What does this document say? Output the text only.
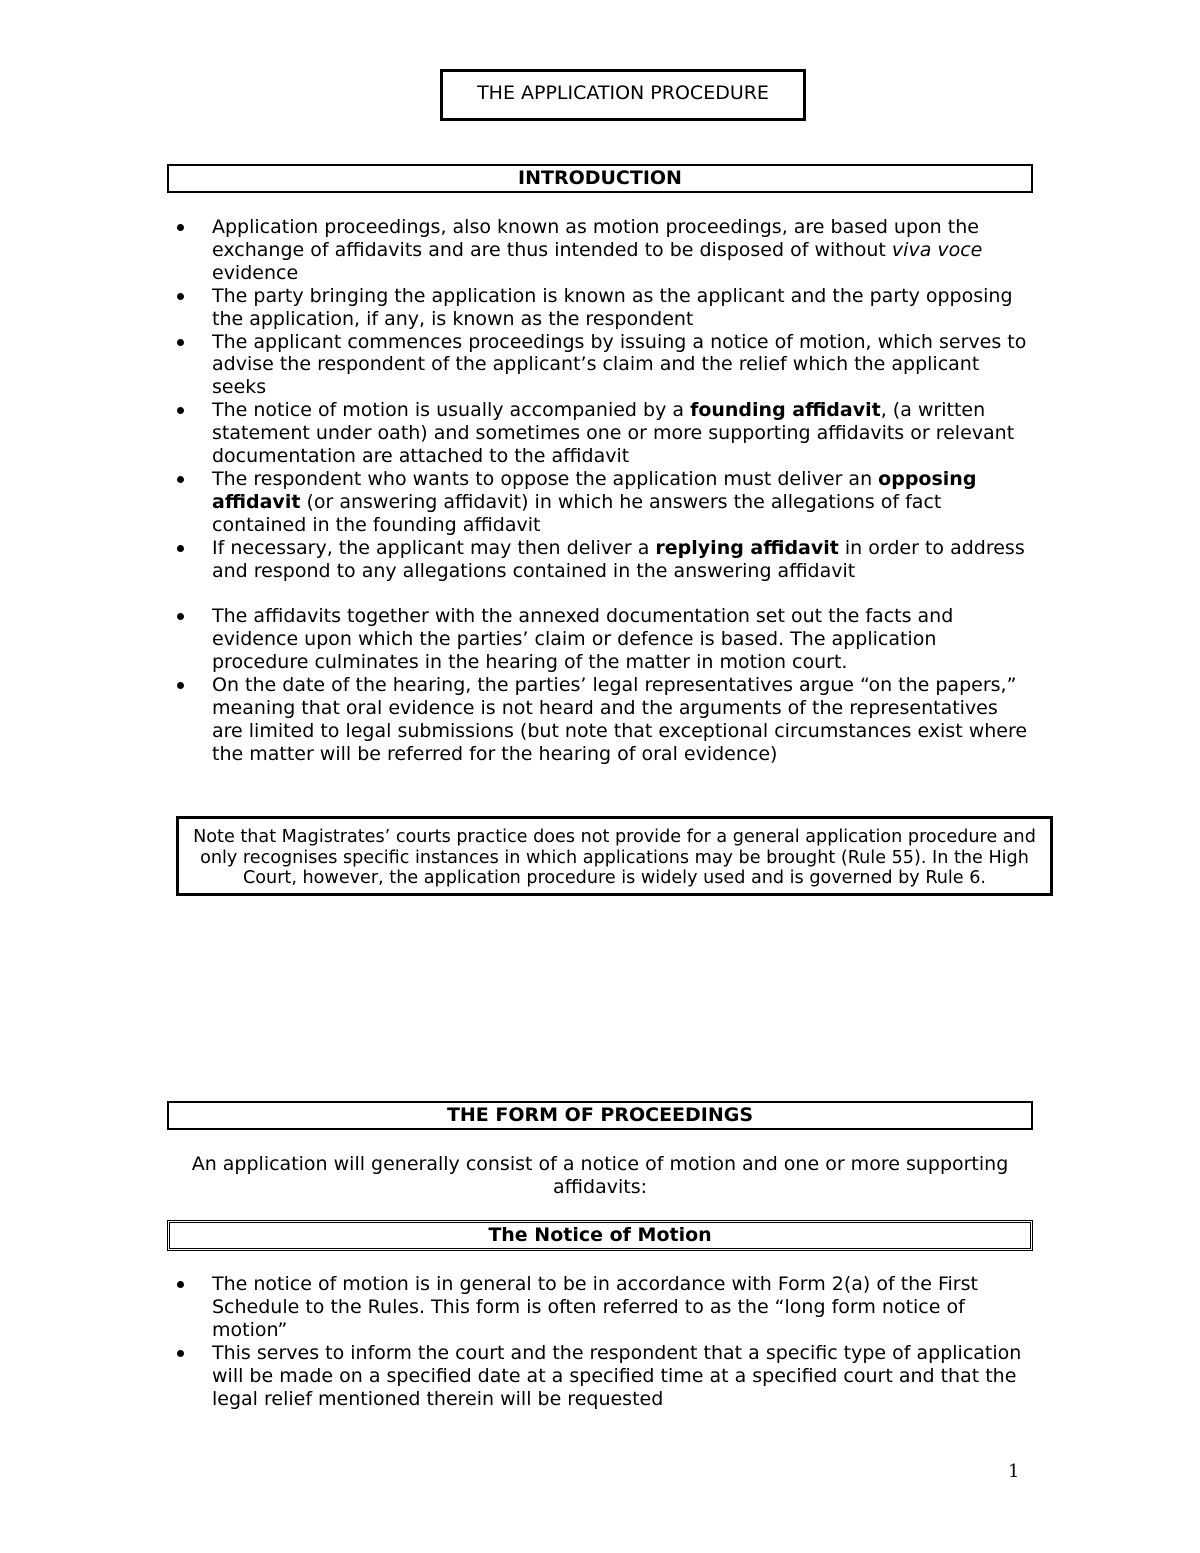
THE APPLICATION PROCEDURE
INTRODUCTION
Application proceedings, also known as motion proceedings, are based upon the exchange of affidavits and are thus intended to be disposed of without viva voce evidence
The party bringing the application is known as the applicant and the party opposing the application, if any, is known as the respondent
The applicant commences proceedings by issuing a notice of motion, which serves to advise the respondent of the applicant’s claim and the relief which the applicant seeks
The notice of motion is usually accompanied by a founding affidavit, (a written statement under oath) and sometimes one or more supporting affidavits or relevant documentation are attached to the affidavit
The respondent who wants to oppose the application must deliver an opposing affidavit (or answering affidavit) in which he answers the allegations of fact contained in the founding affidavit
If necessary, the applicant may then deliver a replying affidavit in order to address and respond to any allegations contained in the answering affidavit
The affidavits together with the annexed documentation set out the facts and evidence upon which the parties’ claim or defence is based. The application procedure culminates in the hearing of the matter in motion court.
On the date of the hearing, the parties’ legal representatives argue “on the papers,” meaning that oral evidence is not heard and the arguments of the representatives are limited to legal submissions (but note that exceptional circumstances exist where the matter will be referred for the hearing of oral evidence)
Note that Magistrates’ courts practice does not provide for a general application procedure and only recognises specific instances in which applications may be brought (Rule 55). In the High Court, however, the application procedure is widely used and is governed by Rule 6.
THE FORM OF PROCEEDINGS

An application will generally consist of a notice of motion and one or more supporting affidavits:

The Notice of Motion
The notice of motion is in general to be in accordance with Form 2(a) of the First Schedule to the Rules. This form is often referred to as the “long form notice of motion”
This serves to inform the court and the respondent that a specific type of application will be made on a specified date at a specified time at a specified court and that the legal relief mentioned therein will be requested
1
